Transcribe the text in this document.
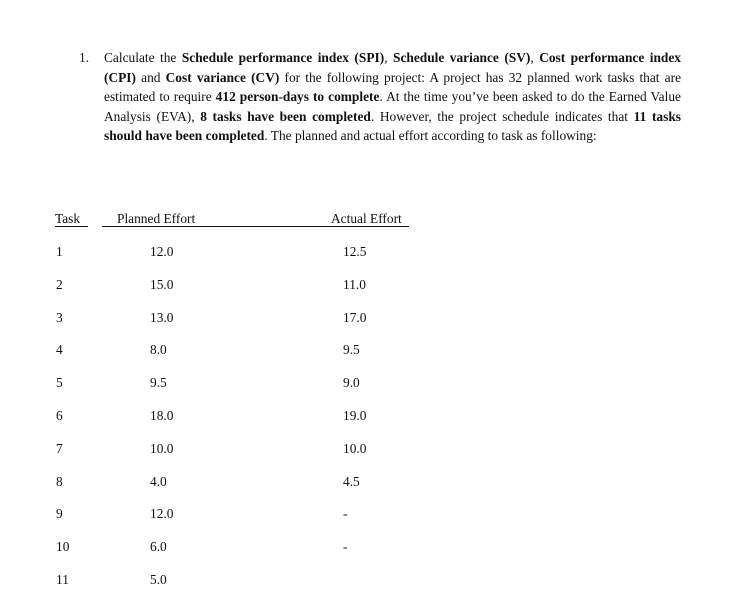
1. Calculate the Schedule performance index (SPI), Schedule variance (SV), Cost performance index (CPI) and Cost variance (CV) for the following project: A project has 32 planned work tasks that are estimated to require 412 person-days to complete. At the time you’ve been asked to do the Earned Value Analysis (EVA), 8 tasks have been completed. However, the project schedule indicates that 11 tasks should have been completed. The planned and actual effort according to task as following:
Task	Planned Effort	Actual Effort
1	12.0	12.5
2	15.0	11.0
3	13.0	17.0
4	8.0	9.5
5	9.5	9.0
6	18.0	19.0
7	10.0	10.0
8	4.0	4.5
9	12.0	-
10	6.0	-
11	5.0
